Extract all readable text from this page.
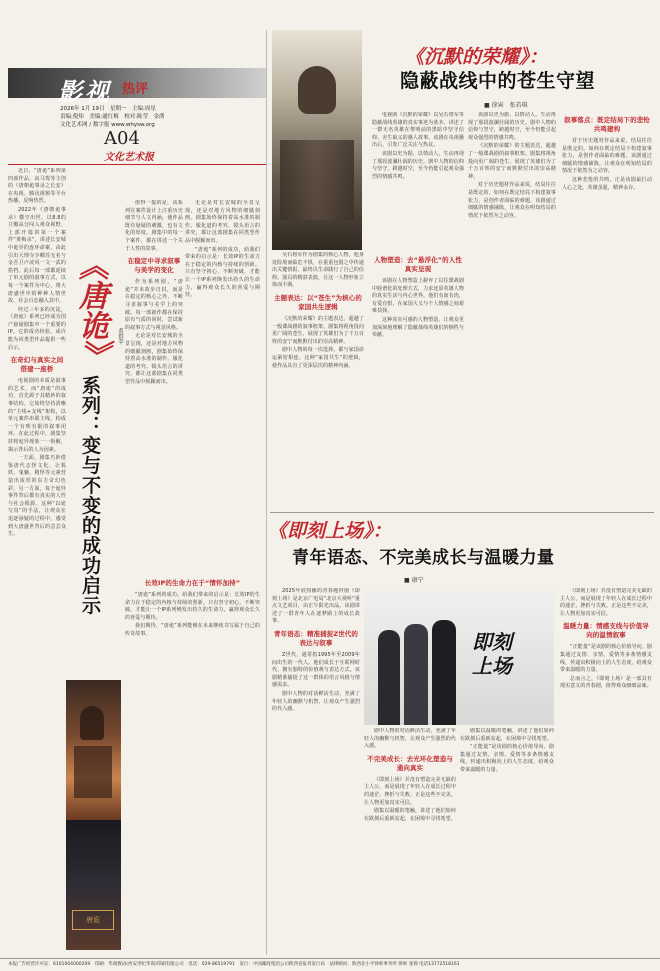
影视 热评
2026年 1月 19日　星期一　主编:周星
责编:倪炜　美编:通红梅　校对:陈莹　金凿
文化艺术网 / 数字报 www.whysw.org
A04
文化艺术报

近日，“唐诡”系列第四部作品，由马鸳等主创的《唐朝诡事录之长安》在央视、腾讯视频等平台热播，反响热烈。

2022年《唐朝诡事录》横空出世，以8.8的豆瓣高分闯入观众视野。上部开篇的第一个案件“黄梅杀”，讲述长安城中诡异的连环命案，由此引出大理寺少卿苏无名与金吾卫卢凌风一文一武的搭档。此后每一部都延续了单元剧的叙事方式，以每一个案件为中心，将大唐盛世中的种种人情世故、社会百态融入其中。

经过三年多的沉淀，《唐诡》系列已经成为国产悬疑剧集中一个重要的IP。它的成功经验，或许能为同类型作品提供一些启示。

在奇幻与真实之间搭建一座桥

电视剧的本质是叙事的艺术，而“唐诡”的成功，首先源于其精妙的叙事结构。它始终坚持清晰的“主线+支线”架构，以单元案件串联主线，构成一个有理有据的叙事闭环。在此过程中，剧集坚持将诡异现象一一拆解，揭示背后的人为因素。

一方面，剧集巧妙借鉴唐代志怪文化，让狐妖、鬼魅、精怪等元素营造出浓厚的东方奇幻色彩，另一方面，每个诡异事件背后都有真实的人性与社会根源。这种“以诡写真”的手法，让观众在追逐悬疑的过程中，感受到大唐盛世背后的芸芸众生。

《唐诡》 系列：变与不变的成功启示
黄群苹
唐诡

值得一提的是，该系列在案件设计上注重历史细节与人文内涵，使作品既有悬疑的刺激，也有文化的厚度。剧集中的每一个案件，都在讲述一个关于人性的故事。

在稳定中寻求叙事与美学的变化

作为系列剧，“唐诡”并未故步自封，而是在稳定的核心之外，不断寻求叙事与美学上的突破。每一部新作都在保持原有气质的同时，尝试新的叙事方式与视觉风格。

无论是对长安城的全景呈现，还是对地方风物的细腻刻画，剧集始终保持着高水准的制作。服化道的考究、镜头语言的讲究，都让这部剧集在同类型作品中脱颖而出。

无论是对长安城的全景呈现，还是对地方风物的细腻刻画，剧集始终保持着高水准的制作。服化道的考究、镜头语言的讲究，都让这部剧集在同类型作品中脱颖而出。

“唐诡”系列的成功，给我们带来的启示是：长效IP的生命力在于稳定的内核与持续的创新。只有坚守初心，不断突破，才能让一个IP系列焕发出持久的生命力，赢得观众长久的喜爱与期待。

长效IP的生命力在于“情怀加持”

“唐诡”系列的成功，给我们带来的启示是：长效IP的生命力在于稳定的内核与持续的创新。只有坚守初心，不断突破，才能让一个IP系列焕发出持久的生命力，赢得观众长久的喜爱与期待。

我们期待，“唐诡”系列能够在未来继续书写属于自己的传奇故事。

《沉默的荣耀》：
隐蔽战线中的苍生守望
■ 徐寅　张若琪

电视剧《沉默的荣耀》以吴石将军等隐蔽战线英雄的真实事迹为蓝本，讲述了一群无名英雄在黎明前的黑暗中坚守信仰、舍生取义的感人故事。该剧在央视播出后，引发广泛关注与热议。

该剧以史为据、以情动人，生动再现了那段波澜壮阔的历史。剧中人物的信仰与坚守，跨越时空，至今仍能引起观众强烈的情感共鸣。

吴石将军作为剧集的核心人物，他身处险境而临危不惧，在重重包围之中传递出关键情报，最终以生命践行了自己的信仰。演员的精湛表演，让这一人物形象立体而丰满。

主题表达：以“苍生”为核心的家国共生逻辑

《沉默的荣耀》的主题表达，超越了一般谍战剧的叙事框架。剧集将视角投向更广阔的苍生，展现了英雄们为了千万百姓的安宁而默默付出的崇高精神。

剧中人物的每一次选择，都与家国命运紧密相连。这种“家国共生”的逻辑，使作品具有了更深层次的精神内涵。

人物塑造：去“悬浮化”的人性真实呈现

该剧在人物塑造上摒弃了以往谍战剧中脸谱化的处理方式，力求还原英雄人物的真实生活与内心世界。他们有血有肉，有爱有恨，在家国大义与个人情感之间艰难抉择。

这种真实可感的人物塑造，让观众更加深刻地理解了隐蔽战线英雄们的牺牲与奉献。

该剧以史为据、以情动人，生动再现了那段波澜壮阔的历史。剧中人物的信仰与坚守，跨越时空，至今仍能引起观众强烈的情感共鸣。

《沉默的荣耀》的主题表达，超越了一般谍战剧的叙事框架。剧集将视角投向更广阔的苍生，展现了英雄们为了千万百姓的安宁而默默付出的崇高精神。

对于历史题材作品来说，结局往往是既定的。如何在既定结局下构建叙事张力，是创作者面临的难题。该剧通过细腻的情感铺陈，让观众在明知结局的情况下依然为之动容。

叙事落点：既定结局下的悲怆共鸣建构

对于历史题材作品来说，结局往往是既定的。如何在既定结局下构建叙事张力，是创作者面临的难题。该剧通过细腻的情感铺陈，让观众在明知结局的情况下依然为之动容。

这种悲怆的共鸣，正是该剧最打动人心之处。英雄虽逝，精神永存。

《即刻上场》：
青年语态、不完美成长与温暖力量
■ 康宁

2025年底热播的青春题材剧《即刻上场》是北京广电局“北京大视听”重点文艺项目，由正午阳光出品。该剧讲述了一群青年人在逐梦路上的成长故事。

青年语态：精准捕捉Z世代的表达与叙事

Z世代，通常指1995年至2009年间出生的一代人。他们成长于互联网时代，拥有独特的价值观与表达方式。该剧精准捕捉了这一群体的语言风格与情感需求。

剧中人物的对话鲜活生动，充满了年轻人的幽默与机智，让观众产生强烈的代入感。

即刻
上场

剧中人物的对话鲜活生动，充满了年轻人的幽默与机智，让观众产生强烈的代入感。

不完美成长：去光环化塑造与通向真实

《即刻上场》并没有塑造完美无缺的主人公，而是展现了年轻人在成长过程中的迷茫、挫折与失败。正是这些不完美，让人物更加真实可信。

剧集以温暖的笔触，讲述了他们如何在跌倒后重新站起，在困境中寻找希望。

剧集以温暖的笔触，讲述了他们如何在跌倒后重新站起，在困境中寻找希望。

“正能量”是该剧的核心价值导向。剧集通过友情、亲情、爱情等多条情感支线，传递出积极向上的人生态度，给观众带来温暖的力量。

《即刻上场》并没有塑造完美无缺的主人公，而是展现了年轻人在成长过程中的迷茫、挫折与失败。正是这些不完美，让人物更加真实可信。

温暖力量：情感支线与价值导向的温情叙事

“正能量”是该剧的核心价值导向。剧集通过友情、亲情、爱情等多条情感支线，传递出积极向上的人生态度，给观众带来温暖的力量。

总而言之，《即刻上场》是一部具有现实意义的青春剧，值得观众细细品味。

本报广告经营许可证：6101004000209　印刷：华商数码(西安世纪华商)印刷有限公司　电话：029-86519791　发行：中国邮政集团公司陕西省报刊发行局　法律顾问：陕西北小平律师事务所 律师 张锦 电话13772518161
